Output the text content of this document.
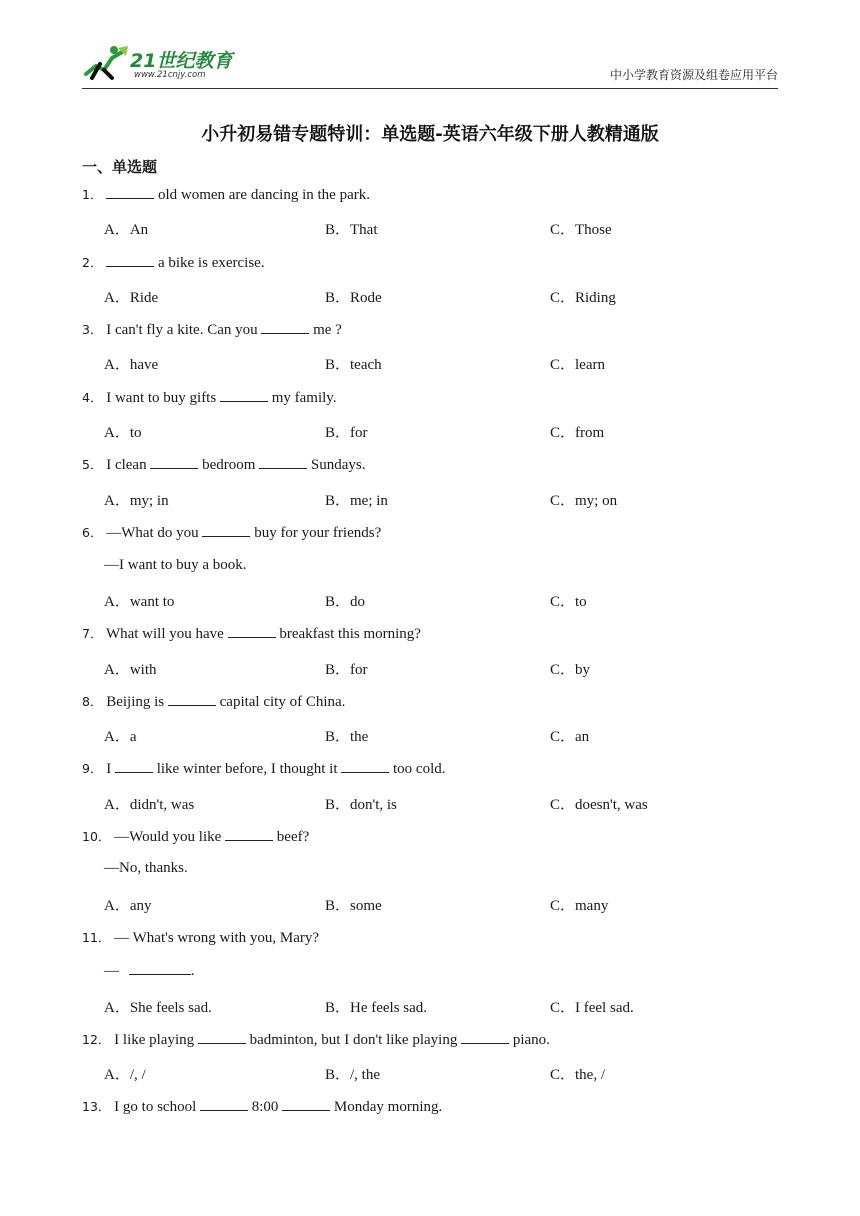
21世纪教育
www.21cnjy.com	中小学教育资源及组卷应用平台
小升初易错专题特训：单选题-英语六年级下册人教精通版
一、单选题
1．	old women are dancing in the park.
A．An	B．That	C．Those
2．	a bike is exercise.
A．Ride	B．Rode	C．Riding
3． I can't fly a kite. Can you	me ?
A．have	B．teach	C．learn
4． I want to buy gifts	my family.
A．to	B．for	C．from
5． I clean	bedroom	Sundays.
A．my; in	B．me; in	C．my; on
6． —What do you	buy for your friends?
—I want to buy a book.
A．want to	B．do	C．to
7． What will you have	breakfast this morning?
A．with	B．for	C．by
8． Beijing is	capital city of China.
A．a	B．the	C．an
9． I	like winter before, I thought it	too cold.
A．didn't, was	B．don't, is	C．doesn't, was
10． —Would you like	beef?
—No, thanks.
A．any	B．some	C．many
11． — What's wrong with you, Mary?
—	.
A．She feels sad.	B．He feels sad.	C．I feel sad.
12． I like playing	badminton, but I don't like playing	piano.
A．/, /	B．/, the	C．the, /
13． I go to school	8:00	Monday morning.
